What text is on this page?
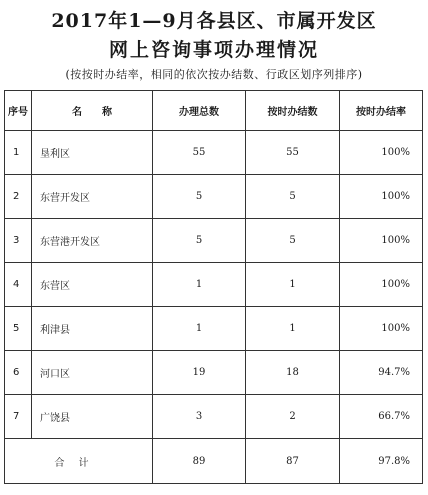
2017年1—9月各县区、市属开发区
网上咨询事项办理情况
(按按时办结率，相同的依次按办结数、行政区划序列排序)
序号	名　　称	办理总数	按时办结数	按时办结率
1	垦利区	55	55	100%
2	东营开发区	5	5	100%
3	东营港开发区	5	5	100%
4	东营区	1	1	100%
5	利津县	1	1	100%
6	河口区	19	18	94.7%
7	广饶县	3	2	66.7%
合计		89	87	97.8%
